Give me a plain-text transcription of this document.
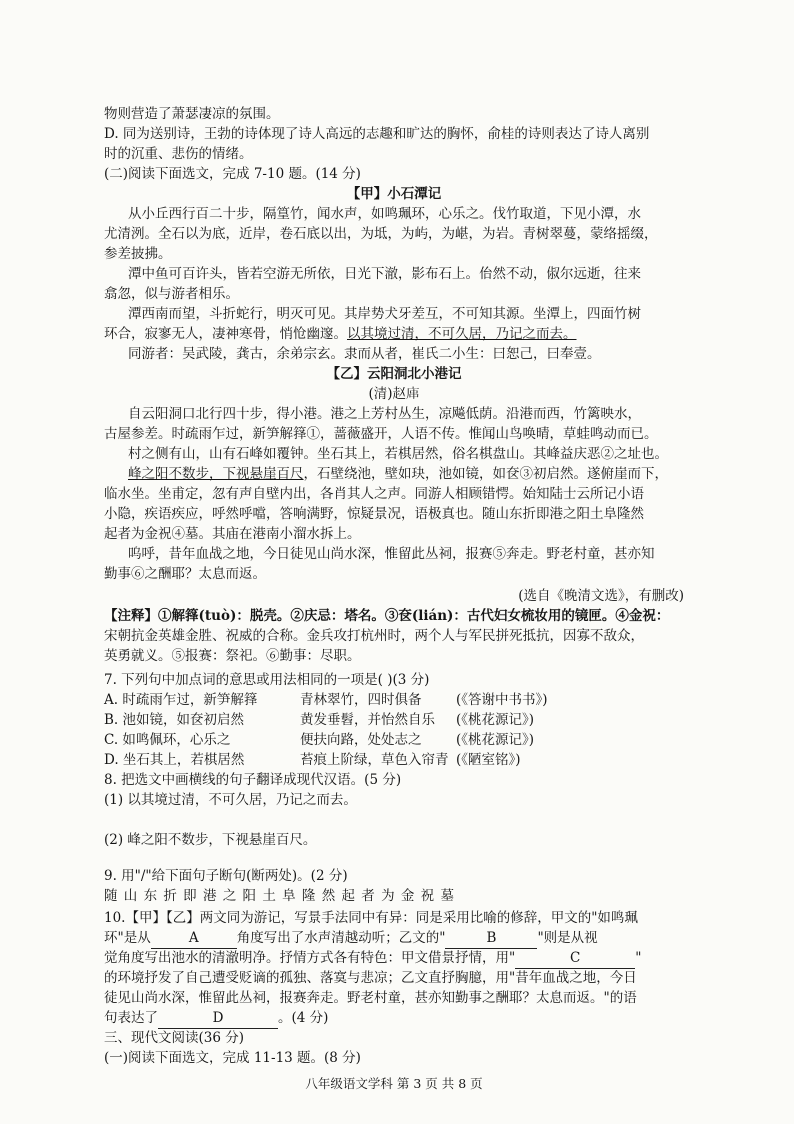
物则营造了萧瑟凄凉的氛围。
D. 同为送别诗，王勃的诗体现了诗人高远的志趣和旷达的胸怀，俞桂的诗则表达了诗人离别
时的沉重、悲伤的情绪。
(二)阅读下面选文，完成 7-10 题。(14 分)
【甲】小石潭记
从小丘西行百二十步，隔篁竹，闻水声，如鸣珮环，心乐之。伐竹取道，下见小潭，水
尤清洌。全石以为底，近岸，卷石底以出，为坻，为屿，为嵁，为岩。青树翠蔓，蒙络摇缀，
参差披拂。
潭中鱼可百许头，皆若空游无所依，日光下澈，影布石上。佁然不动，俶尔远逝，往来
翕忽，似与游者相乐。
潭西南而望，斗折蛇行，明灭可见。其岸势犬牙差互，不可知其源。坐潭上，四面竹树
环合，寂寥无人，凄神寒骨，悄怆幽邃。以其境过清，不可久居，乃记之而去。
同游者：吴武陵，龚古，余弟宗玄。隶而从者，崔氏二小生：曰恕己，曰奉壹。
【乙】云阳洞北小港记
(清)赵𢈢
自云阳洞口北行四十步，得小港。港之上芳村丛生，凉飚低荫。沿港而西，竹篱映水，
古屋参差。时疏雨乍过，新笋解箨①，蔷薇盛开，人语不传。惟闻山鸟唤晴，草蛙鸣动而已。
村之侧有山，山有石峰如覆钟。坐石其上，若棋居然，俗名棋盘山。其峰益庆恶②之址也。
峰之阳不数步，下视悬崖百尺，石壁绕池，壁如玦，池如镜，如奁③初启然。遂俯崖而下，
临水坐。坐甫定，忽有声自壁内出，各肖其人之声。同游人相顾错愕。始知陆士云所记小语
小隐，疾语疾应，呼然呼噹，答响满野，惊疑景况，语极真也。随山东折即港之阳土阜隆然
起者为金祝④墓。其庙在港南小溜水拆上。
呜呼，昔年血战之地，今日徒见山尚水深，惟留此丛祠，报赛⑤奔走。野老村童，甚亦知
勤事⑥之酬耶？太息而返。
(选自《晚清文选》，有删改)
【注释】①解箨(tuò)：脱壳。②庆忌：塔名。③奁(lián)：古代妇女梳妆用的镜匣。④金祝：
宋朝抗金英雄金胜、祝威的合称。金兵攻打杭州时，两个人与军民拼死抵抗，因寡不敌众，
英勇就义。⑤报赛：祭祀。⑥勤事：尽职。
7. 下列句中加点词的意思或用法相同的一项是( )(3 分)
A. 时疏雨乍过，新笋解箨	青林翠竹，四时俱备	(《答谢中书书》)
B. 池如镜，如奁初启然	黄发垂髫，并怡然自乐 (《桃花源记》)
C. 如鸣佩环，心乐之	便扶向路，处处志之	(《桃花源记》)
D. 坐石其上，若棋居然	苔痕上阶绿，草色入帘青 (《陋室铭》)
8. 把选文中画横线的句子翻译成现代汉语。(5 分)
(1) 以其境过清，不可久居，乃记之而去。
(2) 峰之阳不数步，下视悬崖百尺。
9. 用"/"给下面句子断句(断两处)。(2 分)
随 山 东 折 即 港 之 阳 土 阜 隆 然 起 者 为 金 祝 墓
10.【甲】【乙】两文同为游记，写景手法同中有异：同是采用比喻的修辞，甲文的"如鸣珮
环"是从	A	角度写出了水声清越动听；乙文的"	B	"则是从视
觉角度写出池水的清澈明净。抒情方式各有特色：甲文借景抒情，用"	C	"
的环境抒发了自己遭受贬谪的孤独、落寞与悲凉；乙文直抒胸臆，用"昔年血战之地，今日
徒见山尚水深，惟留此丛祠，报赛奔走。野老村童，甚亦知勤事之酬耶？太息而返。"的语
句表达了	D	。(4 分)
三、现代文阅读(36 分)
(一)阅读下面选文，完成 11-13 题。(8 分)
八年级语文学科 第 3 页 共 8 页
